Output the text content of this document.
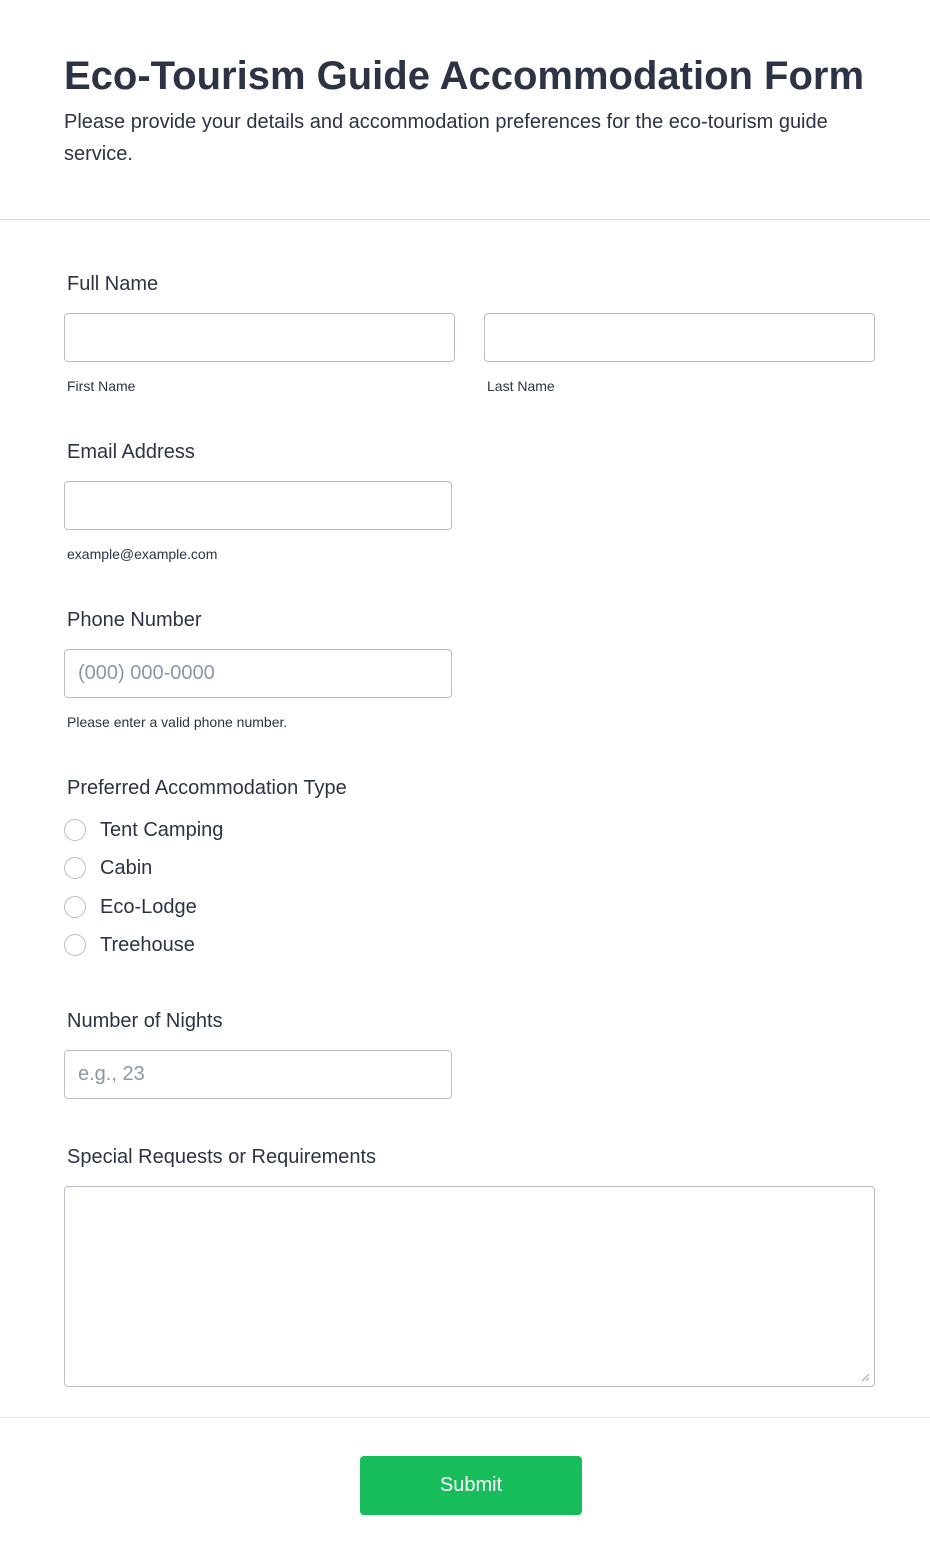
Eco-Tourism Guide Accommodation Form

Please provide your details and accommodation preferences for the eco-tourism guide service.

Full Name
First Name	Last Name
Email Address
example@example.com
Phone Number
(000) 000-0000
Please enter a valid phone number.
Preferred Accommodation Type
Tent Camping
Cabin
Eco-Lodge
Treehouse
Number of Nights
e.g., 23
Special Requests or Requirements
Submit
